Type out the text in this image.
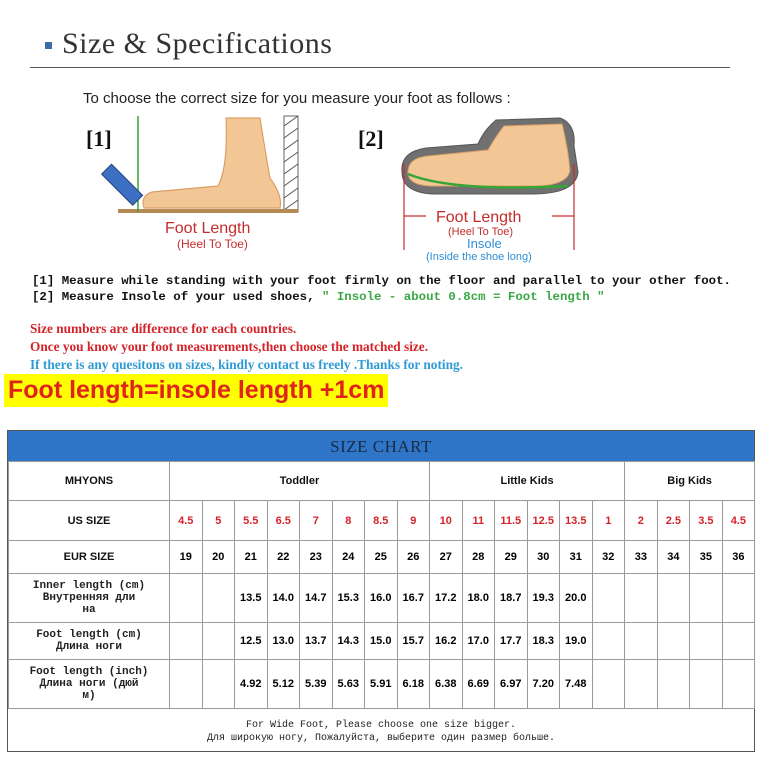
Size & Specifications
To choose the correct size for you measure your foot as follows :
[1]	[2]
Foot Length
(Heel To Toe)
Foot Length
(Heel To Toe)
Insole
(Inside the shoe long)
[1] Measure while standing with your foot firmly on the floor and parallel to your other foot.
[2] Measure Insole of your used shoes, " Insole - about 0.8cm = Foot length "
Size numbers are difference for each countries.
Once you know your foot measurements,then choose the matched size.
If there is any quesitons on sizes, kindly contact us freely .Thanks for noting.
Foot length=insole length +1cm
SIZE CHART
MHYONS	Toddler								Little Kids						Big Kids			
US SIZE	4.5	5	5.5	6.5	7	8	8.5	9	10	11	11.5	12.5	13.5	1	2	2.5	3.5	4.5
EUR SIZE	19	20	21	22	23	24	25	26	27	28	29	30	31	32	33	34	35	36

Inner length (cm)
Внутренняя дли
на			13.5	14.0	14.7	15.3	16.0	16.7	17.2	18.0	18.7	19.3	20.0					

Foot length (cm)
Длина ноги			12.5	13.0	13.7	14.3	15.0	15.7	16.2	17.0	17.7	18.3	19.0					

Foot length (inch)
Длина ноги (дюй
м)			4.92	5.12	5.39	5.63	5.91	6.18	6.38	6.69	6.97	7.20	7.48					
For Wide Foot, Please choose one size bigger.
Для широкую ногу, Пожалуйста, выберите один размер больше.
